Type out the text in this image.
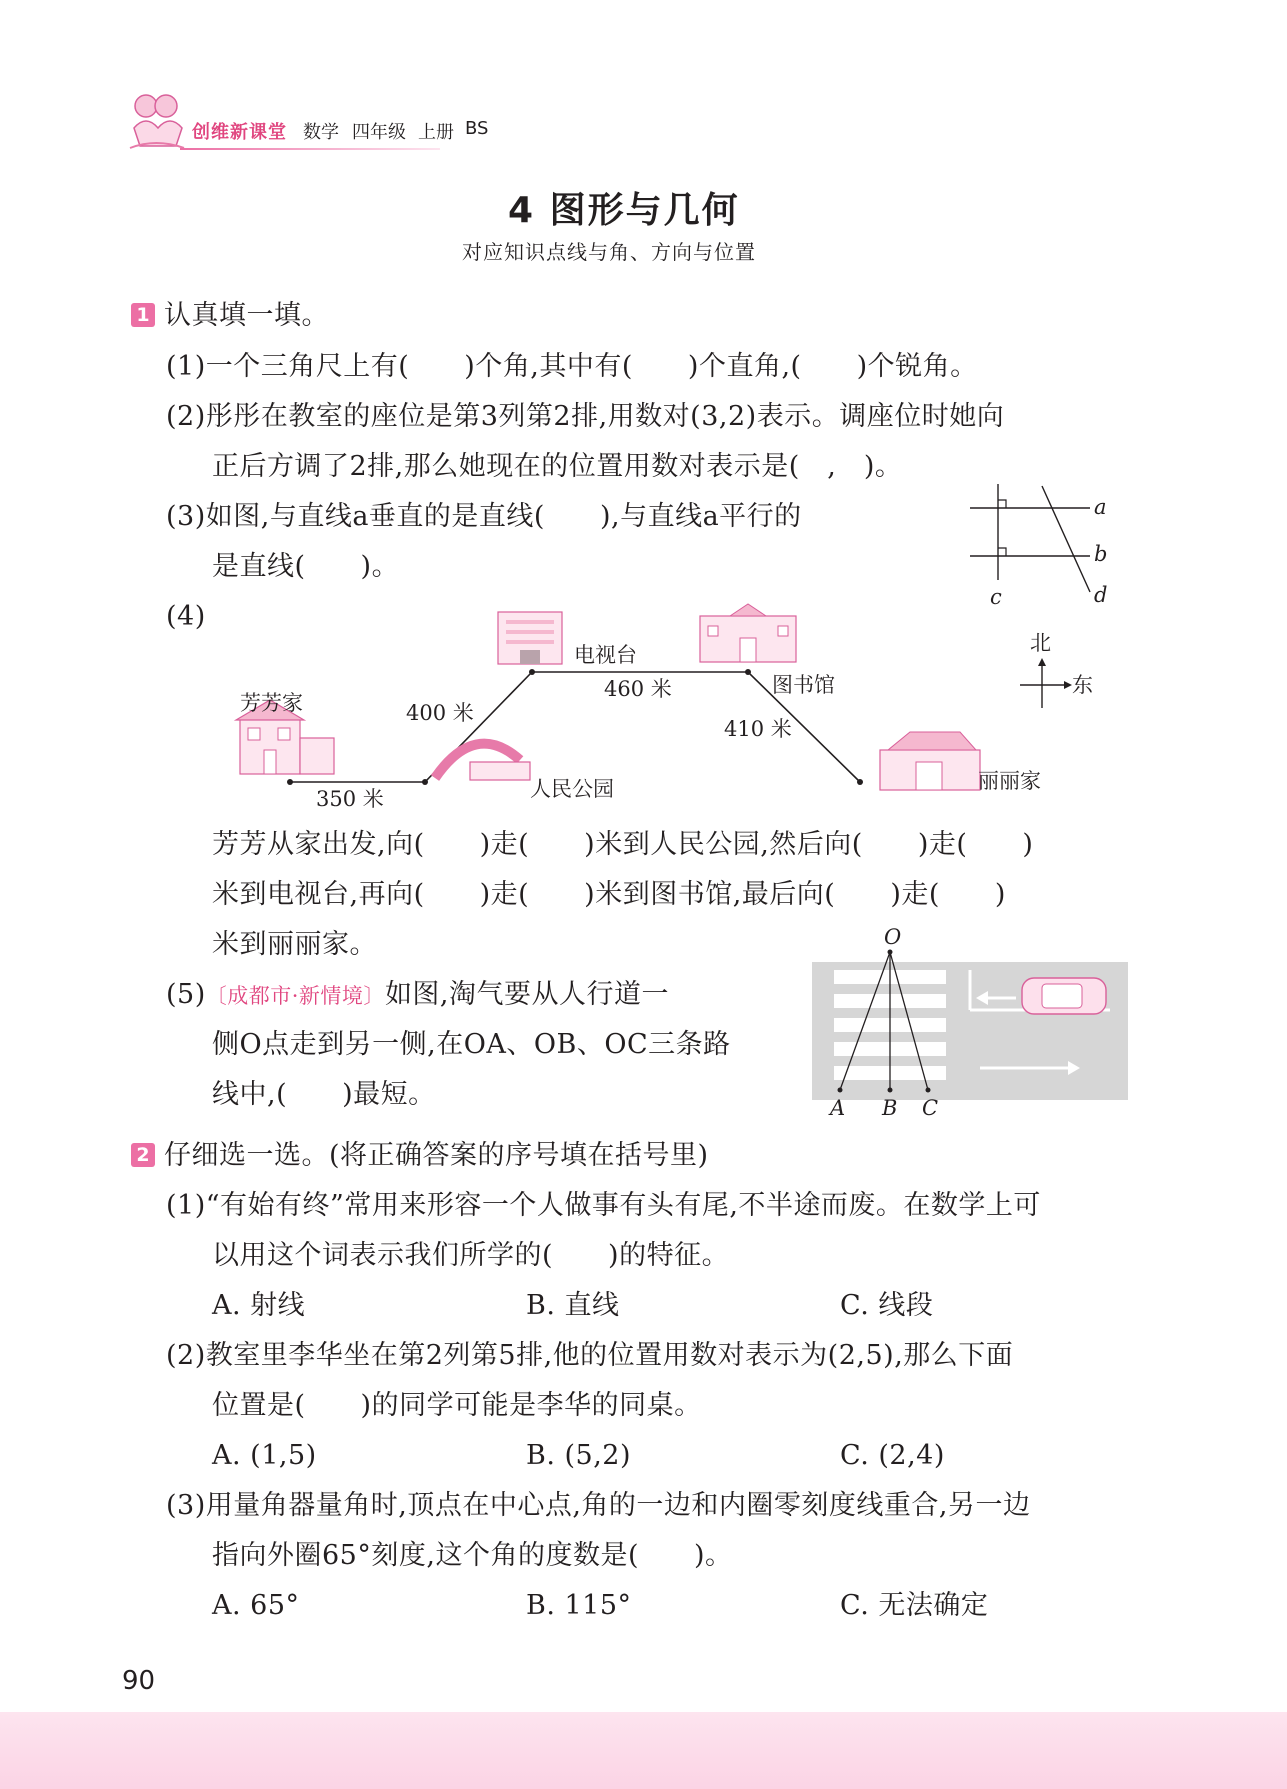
创维新课堂 数学 四年级 上册 BS
4 图形与几何
对应知识点线与角、方向与位置
1 认真填一填。
(1)一个三角尺上有(　　)个角,其中有(　　)个直角,(　　)个锐角。
(2)彤彤在教室的座位是第3列第2排,用数对(3,2)表示。调座位时她向
正后方调了2排,那么她现在的位置用数对表示是(　,　)。
(3)如图,与直线a垂直的是直线(　　),与直线a平行的
是直线(　　)。
a
b
c	d
(4)
芳芳家
人民公园
电视台
图书馆
丽丽家
350 米
400 米
460 米
410 米
北
东
芳芳从家出发,向(　　)走(　　)米到人民公园,然后向(　　)走(　　)
米到电视台,再向(　　)走(　　)米到图书馆,最后向(　　)走(　　)
米到丽丽家。
(5)〔成都市·新情境〕如图,淘气要从人行道一
侧O点走到另一侧,在OA、OB、OC三条路
线中,(　　)最短。
O
A B C
2 仔细选一选。(将正确答案的序号填在括号里)
(1)“有始有终”常用来形容一个人做事有头有尾,不半途而废。在数学上可
以用这个词表示我们所学的(　　)的特征。
A. 射线	B. 直线	C. 线段
(2)教室里李华坐在第2列第5排,他的位置用数对表示为(2,5),那么下面
位置是(　　)的同学可能是李华的同桌。
A. (1,5)	B. (5,2)	C. (2,4)
(3)用量角器量角时,顶点在中心点,角的一边和内圈零刻度线重合,另一边
指向外圈65°刻度,这个角的度数是(　　)。
A. 65°	B. 115°	C. 无法确定
90
